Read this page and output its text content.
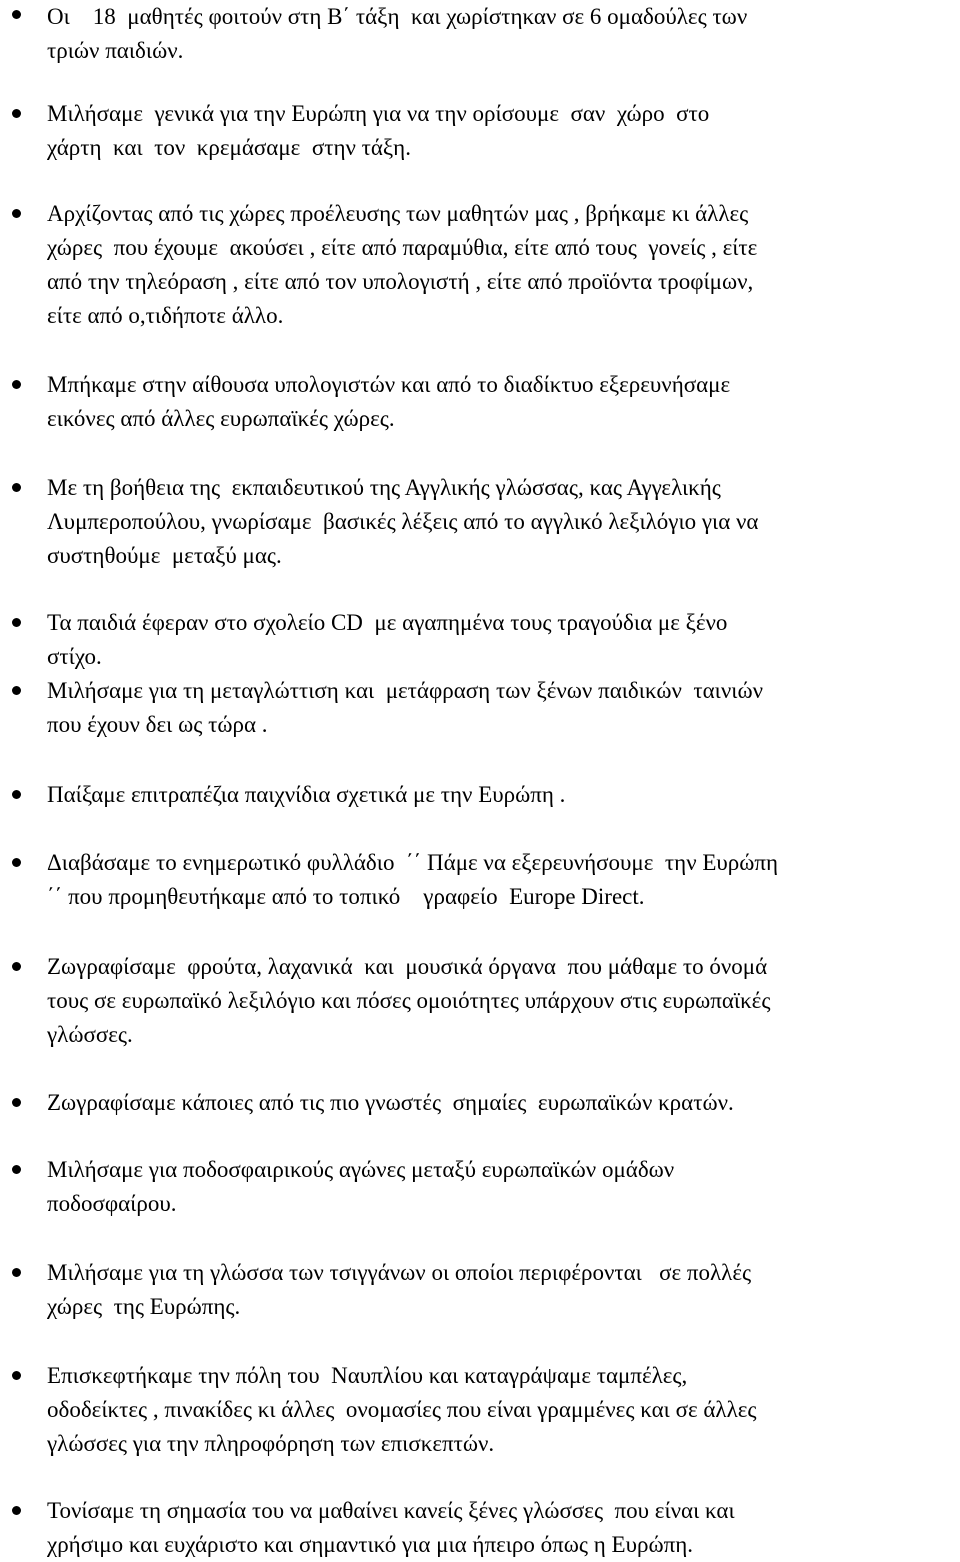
Οι    18  μαθητές φοιτούν στη Β΄ τάξη  και χωρίστηκαν σε 6 ομαδούλες των
τριών παιδιών.
Μιλήσαμε  γενικά για την Ευρώπη για να την ορίσουμε  σαν  χώρο  στο
χάρτη  και  τον  κρεμάσαμε  στην τάξη.
Αρχίζοντας από τις χώρες προέλευσης των μαθητών μας , βρήκαμε κι άλλες
χώρες  που έχουμε  ακούσει , είτε από παραμύθια, είτε από τους  γονείς , είτε
από την τηλεόραση , είτε από τον υπολογιστή , είτε από προϊόντα τροφίμων,
είτε από ο,τιδήποτε άλλο.
Μπήκαμε στην αίθουσα υπολογιστών και από το διαδίκτυο εξερευνήσαμε
εικόνες από άλλες ευρωπαϊκές χώρες.
Με τη βοήθεια της  εκπαιδευτικού της Αγγλικής γλώσσας, κας Αγγελικής
Λυμπεροπούλου, γνωρίσαμε  βασικές λέξεις από το αγγλικό λεξιλόγιο για να
συστηθούμε  μεταξύ μας.
Τα παιδιά έφεραν στο σχολείο CD  με αγαπημένα τους τραγούδια με ξένο
στίχο.
Μιλήσαμε για τη μεταγλώττιση και  μετάφραση των ξένων παιδικών  ταινιών
που έχουν δει ως τώρα .
Παίξαμε επιτραπέζια παιχνίδια σχετικά με την Ευρώπη .
Διαβάσαμε το ενημερωτικό φυλλάδιο  ΄΄ Πάμε να εξερευνήσουμε  την Ευρώπη
΄΄ που προμηθευτήκαμε από το τοπικό    γραφείο  Europe Direct.
Ζωγραφίσαμε  φρούτα, λαχανικά  και  μουσικά όργανα  που μάθαμε το όνομά
τους σε ευρωπαϊκό λεξιλόγιο και πόσες ομοιότητες υπάρχουν στις ευρωπαϊκές
γλώσσες.
Ζωγραφίσαμε κάποιες από τις πιο γνωστές  σημαίες  ευρωπαϊκών κρατών.
Μιλήσαμε για ποδοσφαιρικούς αγώνες μεταξύ ευρωπαϊκών ομάδων
ποδοσφαίρου.
Μιλήσαμε για τη γλώσσα των τσιγγάνων οι οποίοι περιφέρονται   σε πολλές
χώρες  της Ευρώπης.
Επισκεφτήκαμε την πόλη του  Ναυπλίου και καταγράψαμε ταμπέλες,
οδοδείκτες , πινακίδες κι άλλες  ονομασίες που είναι γραμμένες και σε άλλες
γλώσσες για την πληροφόρηση των επισκεπτών.
Τονίσαμε τη σημασία του να μαθαίνει κανείς ξένες γλώσσες  που είναι και
χρήσιμο και ευχάριστο και σημαντικό για μια ήπειρο όπως η Ευρώπη.
